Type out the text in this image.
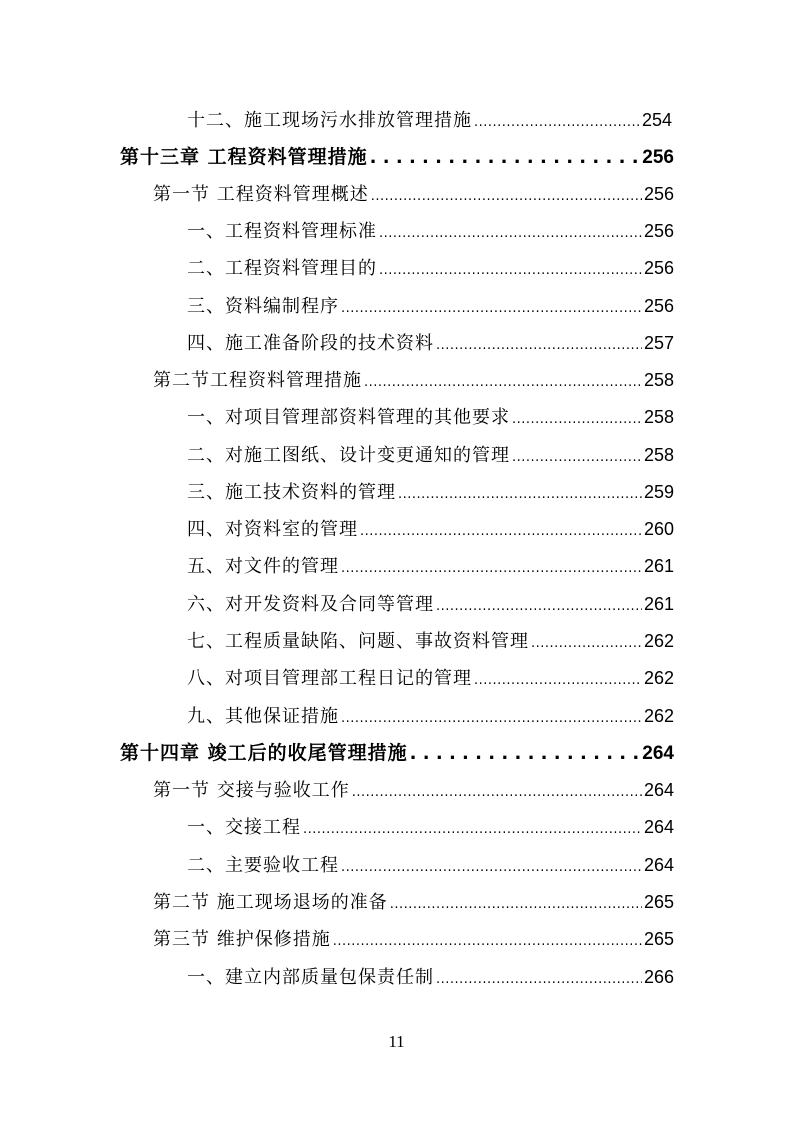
十二、施工现场污水排放管理措施 .....	254
第十三章 工程资料管理措施 . . .	256
第一节 工程资料管理概述 .....	256
一、工程资料管理标准 .....	256
二、工程资料管理目的 .....	256
三、资料编制程序 .....	256
四、施工准备阶段的技术资料 .....	257
第二节工程资料管理措施 .....	258
一、对项目管理部资料管理的其他要求 .....	258
二、对施工图纸、设计变更通知的管理 .....	258
三、施工技术资料的管理 .....	259
四、对资料室的管理 .....	260
五、对文件的管理 .....	261
六、对开发资料及合同等管理 .....	261
七、工程质量缺陷、问题、事故资料管理 .....	262
八、对项目管理部工程日记的管理 .....	262
九、其他保证措施 .....	262
第十四章 竣工后的收尾管理措施 . . .	264
第一节 交接与验收工作 .....	264
一、交接工程 .....	264
二、主要验收工程 .....	264
第二节 施工现场退场的准备 .....	265
第三节 维护保修措施 .....	265
一、建立内部质量包保责任制 .....	266
11
